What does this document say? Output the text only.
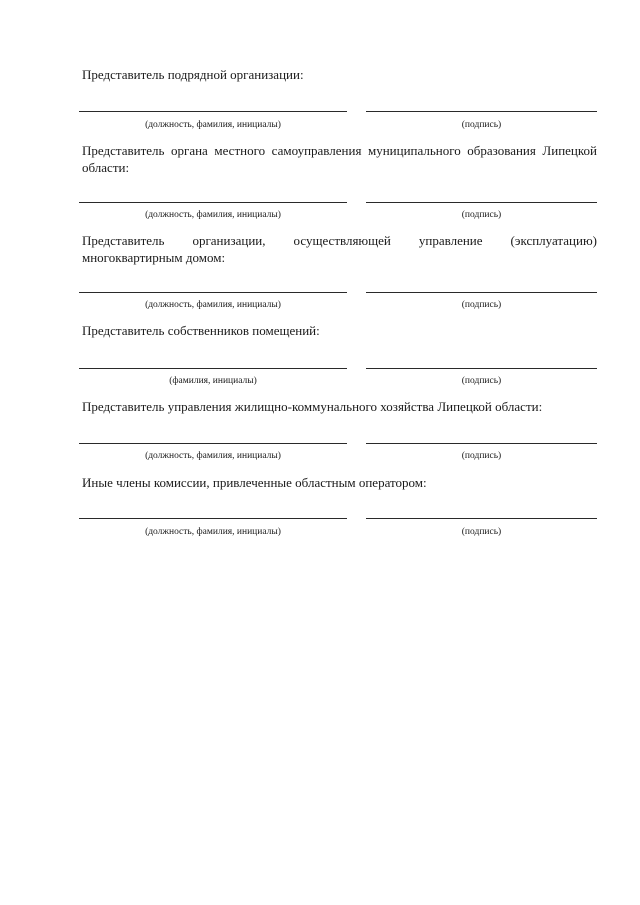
Представитель подрядной организации:
(должность, фамилия, инициалы)	(подпись)
Представитель органа местного самоуправления муниципального образования Липецкой области:
(должность, фамилия, инициалы)	(подпись)
Представитель организации, осуществляющей управление (эксплуатацию) многоквартирным домом:
(должность, фамилия, инициалы)	(подпись)
Представитель собственников помещений:
(фамилия, инициалы)	(подпись)
Представитель управления жилищно-коммунального хозяйства Липецкой области:
(должность, фамилия, инициалы)	(подпись)
Иные члены комиссии, привлеченные областным оператором:
(должность, фамилия, инициалы)	(подпись)
